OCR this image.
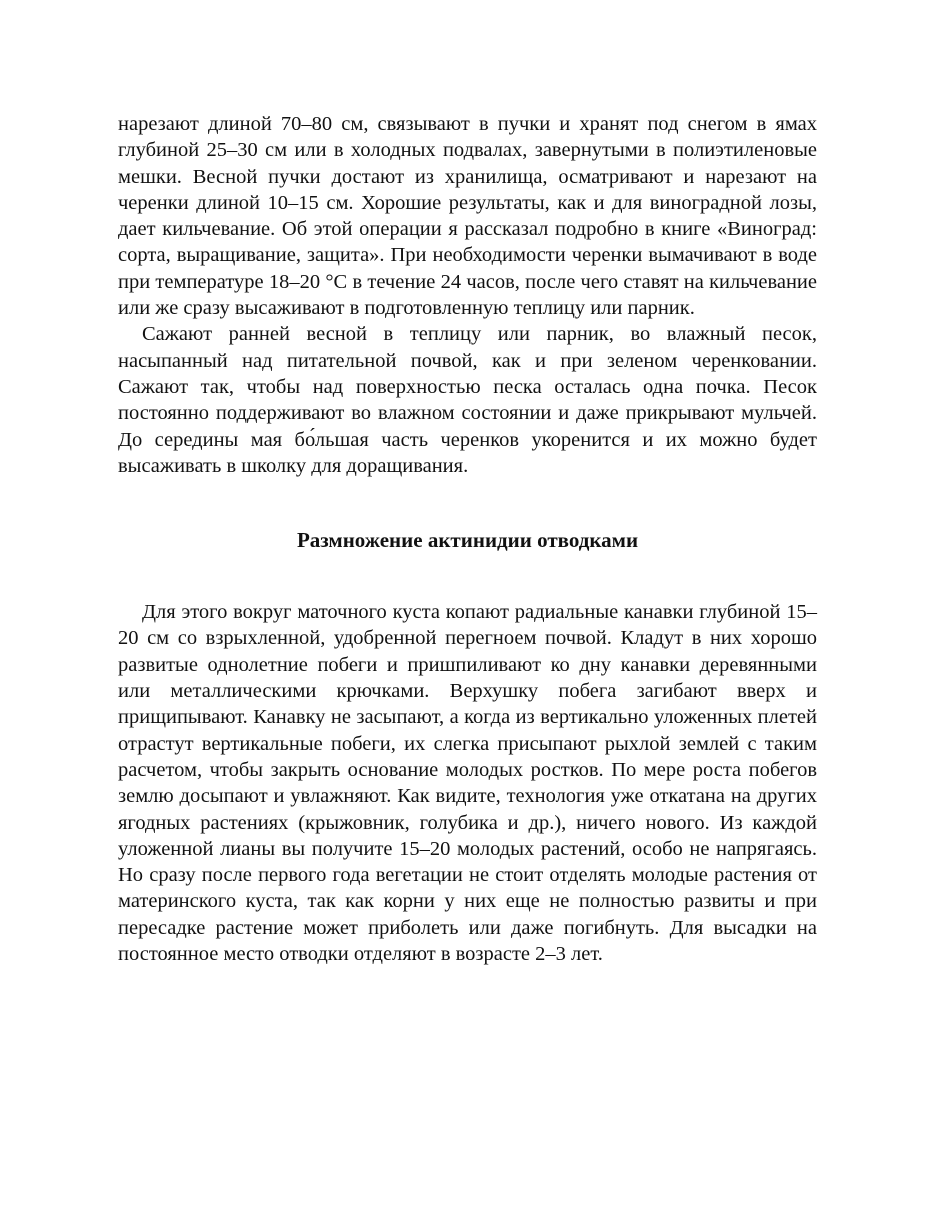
нарезают длиной 70–80 см, связывают в пучки и хранят под снегом в ямах глубиной 25–30 см или в холодных подвалах, завернутыми в полиэтиленовые мешки. Весной пучки достают из хранилища, осматривают и нарезают на черенки длиной 10–15 см. Хорошие результаты, как и для виноградной лозы, дает кильчевание. Об этой операции я рассказал подробно в книге «Виноград: сорта, выращивание, защита». При необходимости черенки вымачивают в воде при температуре 18–20 °С в течение 24 часов, после чего ставят на кильчевание или же сразу высаживают в подготовленную теплицу или парник.

Сажают ранней весной в теплицу или парник, во влажный песок, насыпанный над питательной почвой, как и при зеленом черенковании. Сажают так, чтобы над поверхностью песка осталась одна почка. Песок постоянно поддерживают во влажном состоянии и даже прикрывают мульчей. До середины мая бо́льшая часть черенков укоренится и их можно будет высаживать в школку для доращивания.

Размножение актинидии отводками

Для этого вокруг маточного куста копают радиальные канавки глубиной 15–20 см со взрыхленной, удобренной перегноем почвой. Кладут в них хорошо развитые однолетние побеги и пришпиливают ко дну канавки деревянными или металлическими крючками. Верхушку побега загибают вверх и прищипывают. Канавку не засыпают, а когда из вертикально уложенных плетей отрастут вертикальные побеги, их слегка присыпают рыхлой землей с таким расчетом, чтобы закрыть основание молодых ростков. По мере роста побегов землю досыпают и увлажняют. Как видите, технология уже откатана на других ягодных растениях (крыжовник, голубика и др.), ничего нового. Из каждой уложенной лианы вы получите 15–20 молодых растений, особо не напрягаясь. Но сразу после первого года вегетации не стоит отделять молодые растения от материнского куста, так как корни у них еще не полностью развиты и при пересадке растение может приболеть или даже погибнуть. Для высадки на постоянное место отводки отделяют в возрасте 2–3 лет.
